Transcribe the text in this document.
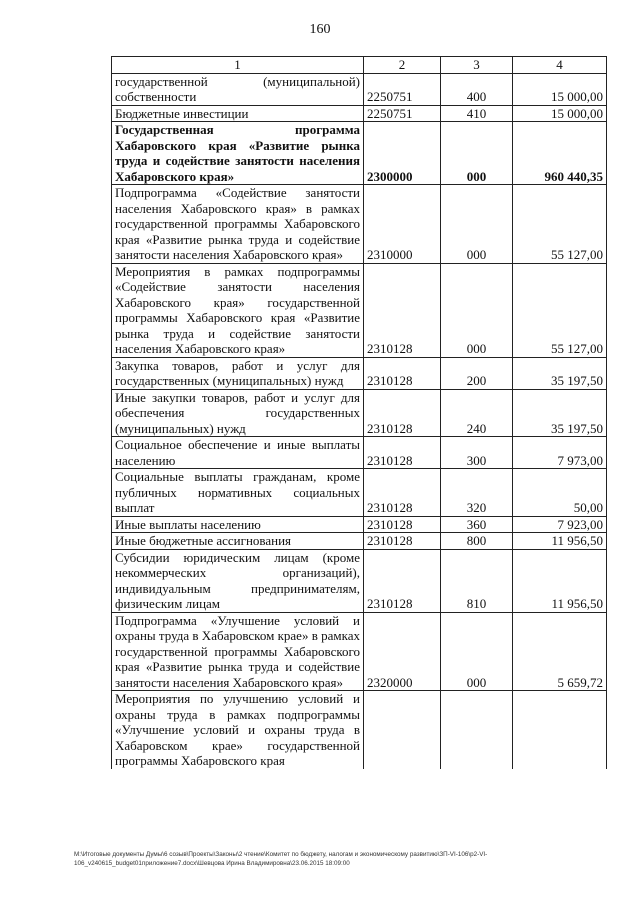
160
1	2	3	4
государственной (муниципальной) собственности	2250751	400	15 000,00
Бюджетные инвестиции	2250751	410	15 000,00
Государственная программа Хабаровского края «Развитие рынка труда и содействие занятости населения Хабаровского края»	2300000	000	960 440,35
Подпрограмма «Содействие занятости населения Хабаровского края» в рамках государственной программы Хабаровского края «Развитие рынка труда и содействие занятости населения Хабаровского края»	2310000	000	55 127,00
Мероприятия в рамках подпрограммы «Содействие занятости населения Хабаровского края» государственной программы Хабаровского края «Развитие рынка труда и содействие занятости населения Хабаровского края»	2310128	000	55 127,00
Закупка товаров, работ и услуг для государственных (муниципальных) нужд	2310128	200	35 197,50
Иные закупки товаров, работ и услуг для обеспечения государственных (муниципальных) нужд	2310128	240	35 197,50
Социальное обеспечение и иные выплаты населению	2310128	300	7 973,00
Социальные выплаты гражданам, кроме публичных нормативных социальных выплат	2310128	320	50,00
Иные выплаты населению	2310128	360	7 923,00
Иные бюджетные ассигнования	2310128	800	11 956,50
Субсидии юридическим лицам (кроме некоммерческих организаций), индивидуальным предпринимателям, физическим лицам	2310128	810	11 956,50
Подпрограмма «Улучшение условий и охраны труда в Хабаровском крае» в рамках государственной программы Хабаровского края «Развитие рынка труда и содействие занятости населения Хабаровского края»	2320000	000	5 659,72
Мероприятия по улучшению условий и охраны труда в рамках подпрограммы «Улучшение условий и охраны труда в Хабаровском крае» государственной программы Хабаровского края			
M:\Итоговые документы Думы\6 созыв\Проекты\Законы\2 чтение\Комитет по бюджету, налогам и экономическому развитию\ЗП-VI-106\р2-VI-
106_v240615_budget01приложение7.docx\Шевцова Ирина Владимировна\23.06.2015 18:09:00
